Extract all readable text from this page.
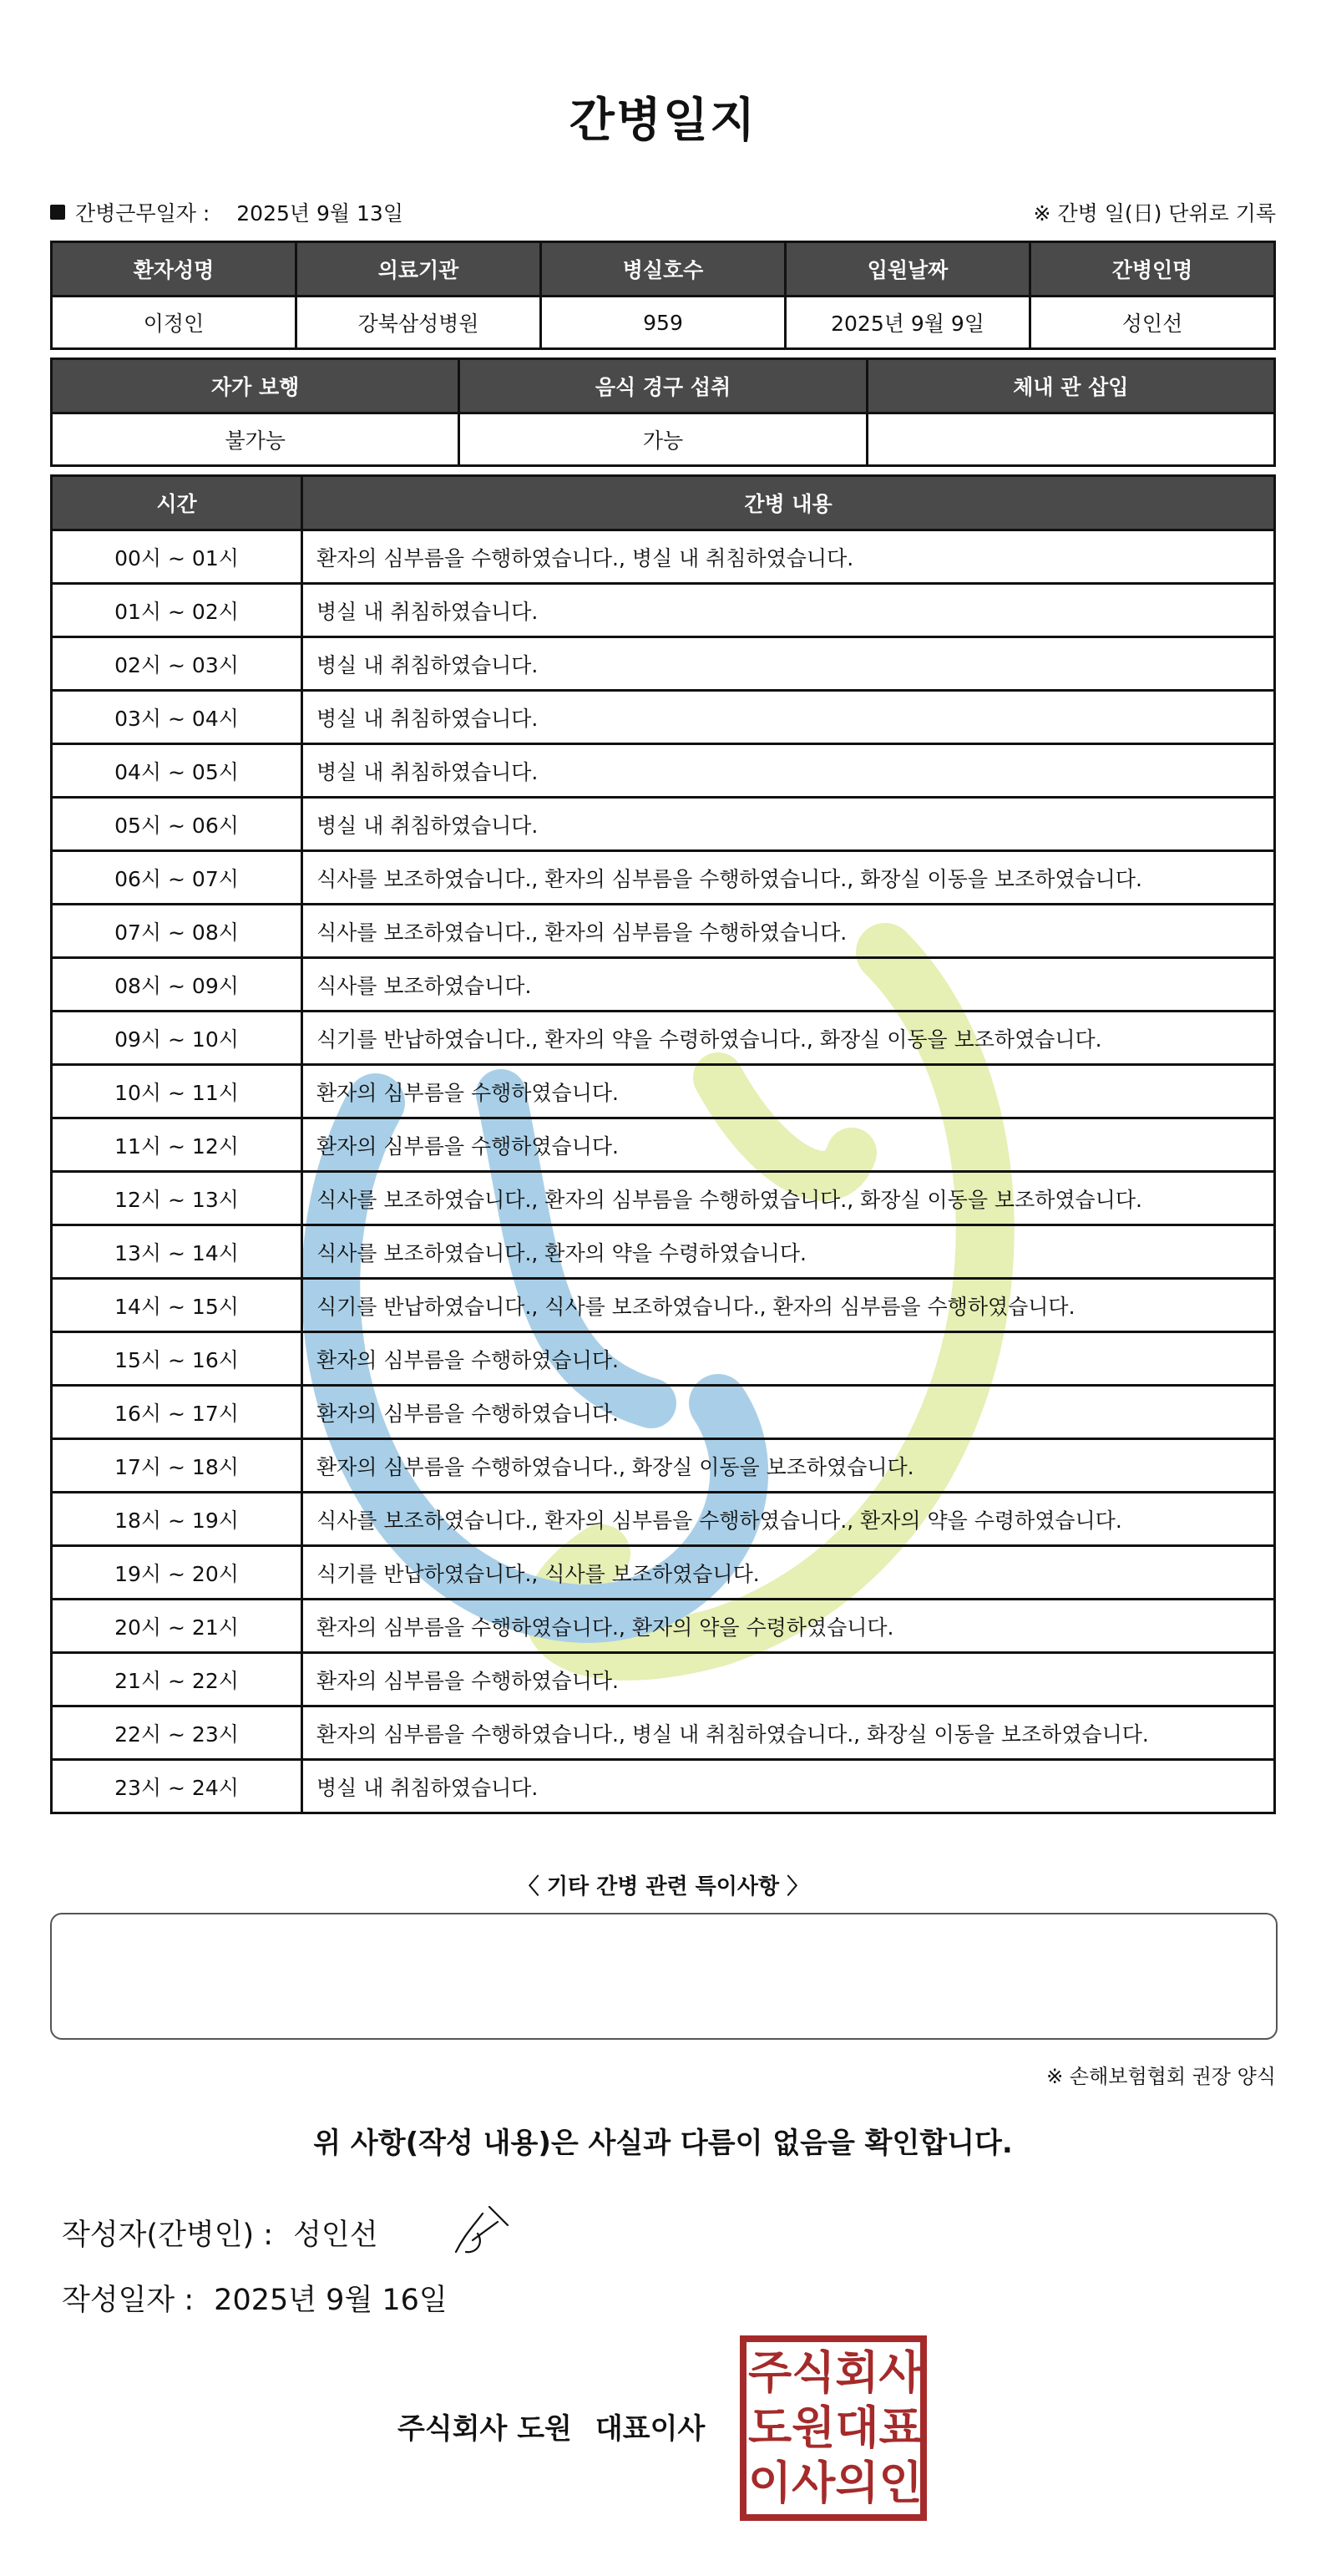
간병일지
간병근무일자 : 2025년 9월 13일	※ 간병 일(日) 단위로 기록
환자성명	의료기관	병실호수	입원날짜	간병인명
이정인	강북삼성병원	959	2025년 9월 9일	성인선
자가 보행	음식 경구 섭취	체내 관 삽입
불가능	가능	
시간	간병 내용
00시 ~ 01시	환자의 심부름을 수행하였습니다., 병실 내 취침하였습니다.
01시 ~ 02시	병실 내 취침하였습니다.
02시 ~ 03시	병실 내 취침하였습니다.
03시 ~ 04시	병실 내 취침하였습니다.
04시 ~ 05시	병실 내 취침하였습니다.
05시 ~ 06시	병실 내 취침하였습니다.
06시 ~ 07시	식사를 보조하였습니다., 환자의 심부름을 수행하였습니다., 화장실 이동을 보조하였습니다.
07시 ~ 08시	식사를 보조하였습니다., 환자의 심부름을 수행하였습니다.
08시 ~ 09시	식사를 보조하였습니다.
09시 ~ 10시	식기를 반납하였습니다., 환자의 약을 수령하였습니다., 화장실 이동을 보조하였습니다.
10시 ~ 11시	환자의 심부름을 수행하였습니다.
11시 ~ 12시	환자의 심부름을 수행하였습니다.
12시 ~ 13시	식사를 보조하였습니다., 환자의 심부름을 수행하였습니다., 화장실 이동을 보조하였습니다.
13시 ~ 14시	식사를 보조하였습니다., 환자의 약을 수령하였습니다.
14시 ~ 15시	식기를 반납하였습니다., 식사를 보조하였습니다., 환자의 심부름을 수행하였습니다.
15시 ~ 16시	환자의 심부름을 수행하였습니다.
16시 ~ 17시	환자의 심부름을 수행하였습니다.
17시 ~ 18시	환자의 심부름을 수행하였습니다., 화장실 이동을 보조하였습니다.
18시 ~ 19시	식사를 보조하였습니다., 환자의 심부름을 수행하였습니다., 환자의 약을 수령하였습니다.
19시 ~ 20시	식기를 반납하였습니다., 식사를 보조하였습니다.
20시 ~ 21시	환자의 심부름을 수행하였습니다., 환자의 약을 수령하였습니다.
21시 ~ 22시	환자의 심부름을 수행하였습니다.
22시 ~ 23시	환자의 심부름을 수행하였습니다., 병실 내 취침하였습니다., 화장실 이동을 보조하였습니다.
23시 ~ 24시	병실 내 취침하였습니다.
〈 기타 간병 관련 특이사항 〉
※ 손해보험협회 권장 양식
위 사항(작성 내용)은 사실과 다름이 없음을 확인합니다.
작성자(간병인) : 성인선
작성일자 : 2025년 9월 16일
주식회사 도원 대표이사
주 식 회 사
도 원 대 표
이 사 의 인
